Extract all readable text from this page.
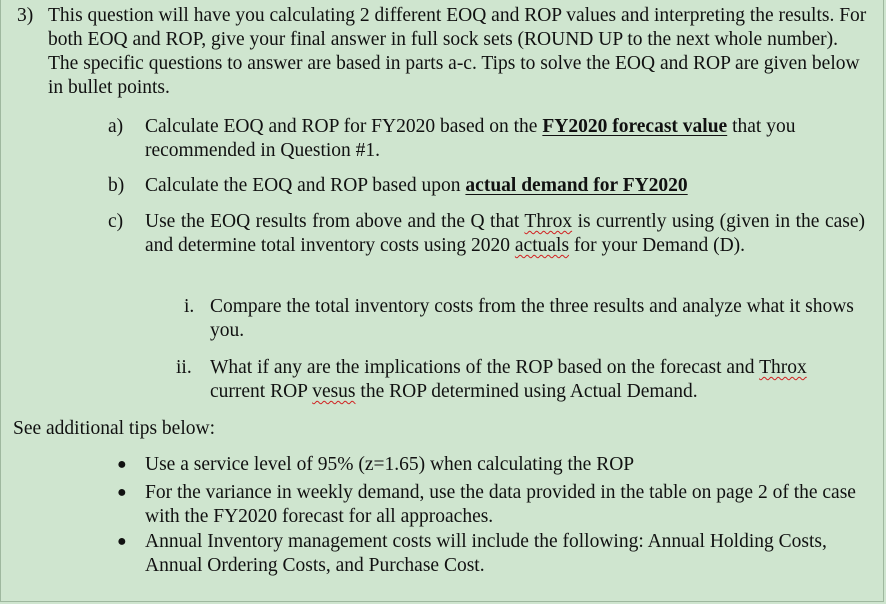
3) This question will have you calculating 2 different EOQ and ROP values and interpreting the results. For both EOQ and ROP, give your final answer in full sock sets (ROUND UP to the next whole number). The specific questions to answer are based in parts a-c. Tips to solve the EOQ and ROP are given below in bullet points.
a) Calculate EOQ and ROP for FY2020 based on the FY2020 forecast value that you recommended in Question #1.
b) Calculate the EOQ and ROP based upon actual demand for FY2020
c) Use the EOQ results from above and the Q that Throx is currently using (given in the case) and determine total inventory costs using 2020 actuals for your Demand (D).
i. Compare the total inventory costs from the three results and analyze what it shows you.
ii. What if any are the implications of the ROP based on the forecast and Throx current ROP vesus the ROP determined using Actual Demand.
See additional tips below:
● Use a service level of 95% (z=1.65) when calculating the ROP
● For the variance in weekly demand, use the data provided in the table on page 2 of the case with the FY2020 forecast for all approaches.
● Annual Inventory management costs will include the following: Annual Holding Costs, Annual Ordering Costs, and Purchase Cost.
